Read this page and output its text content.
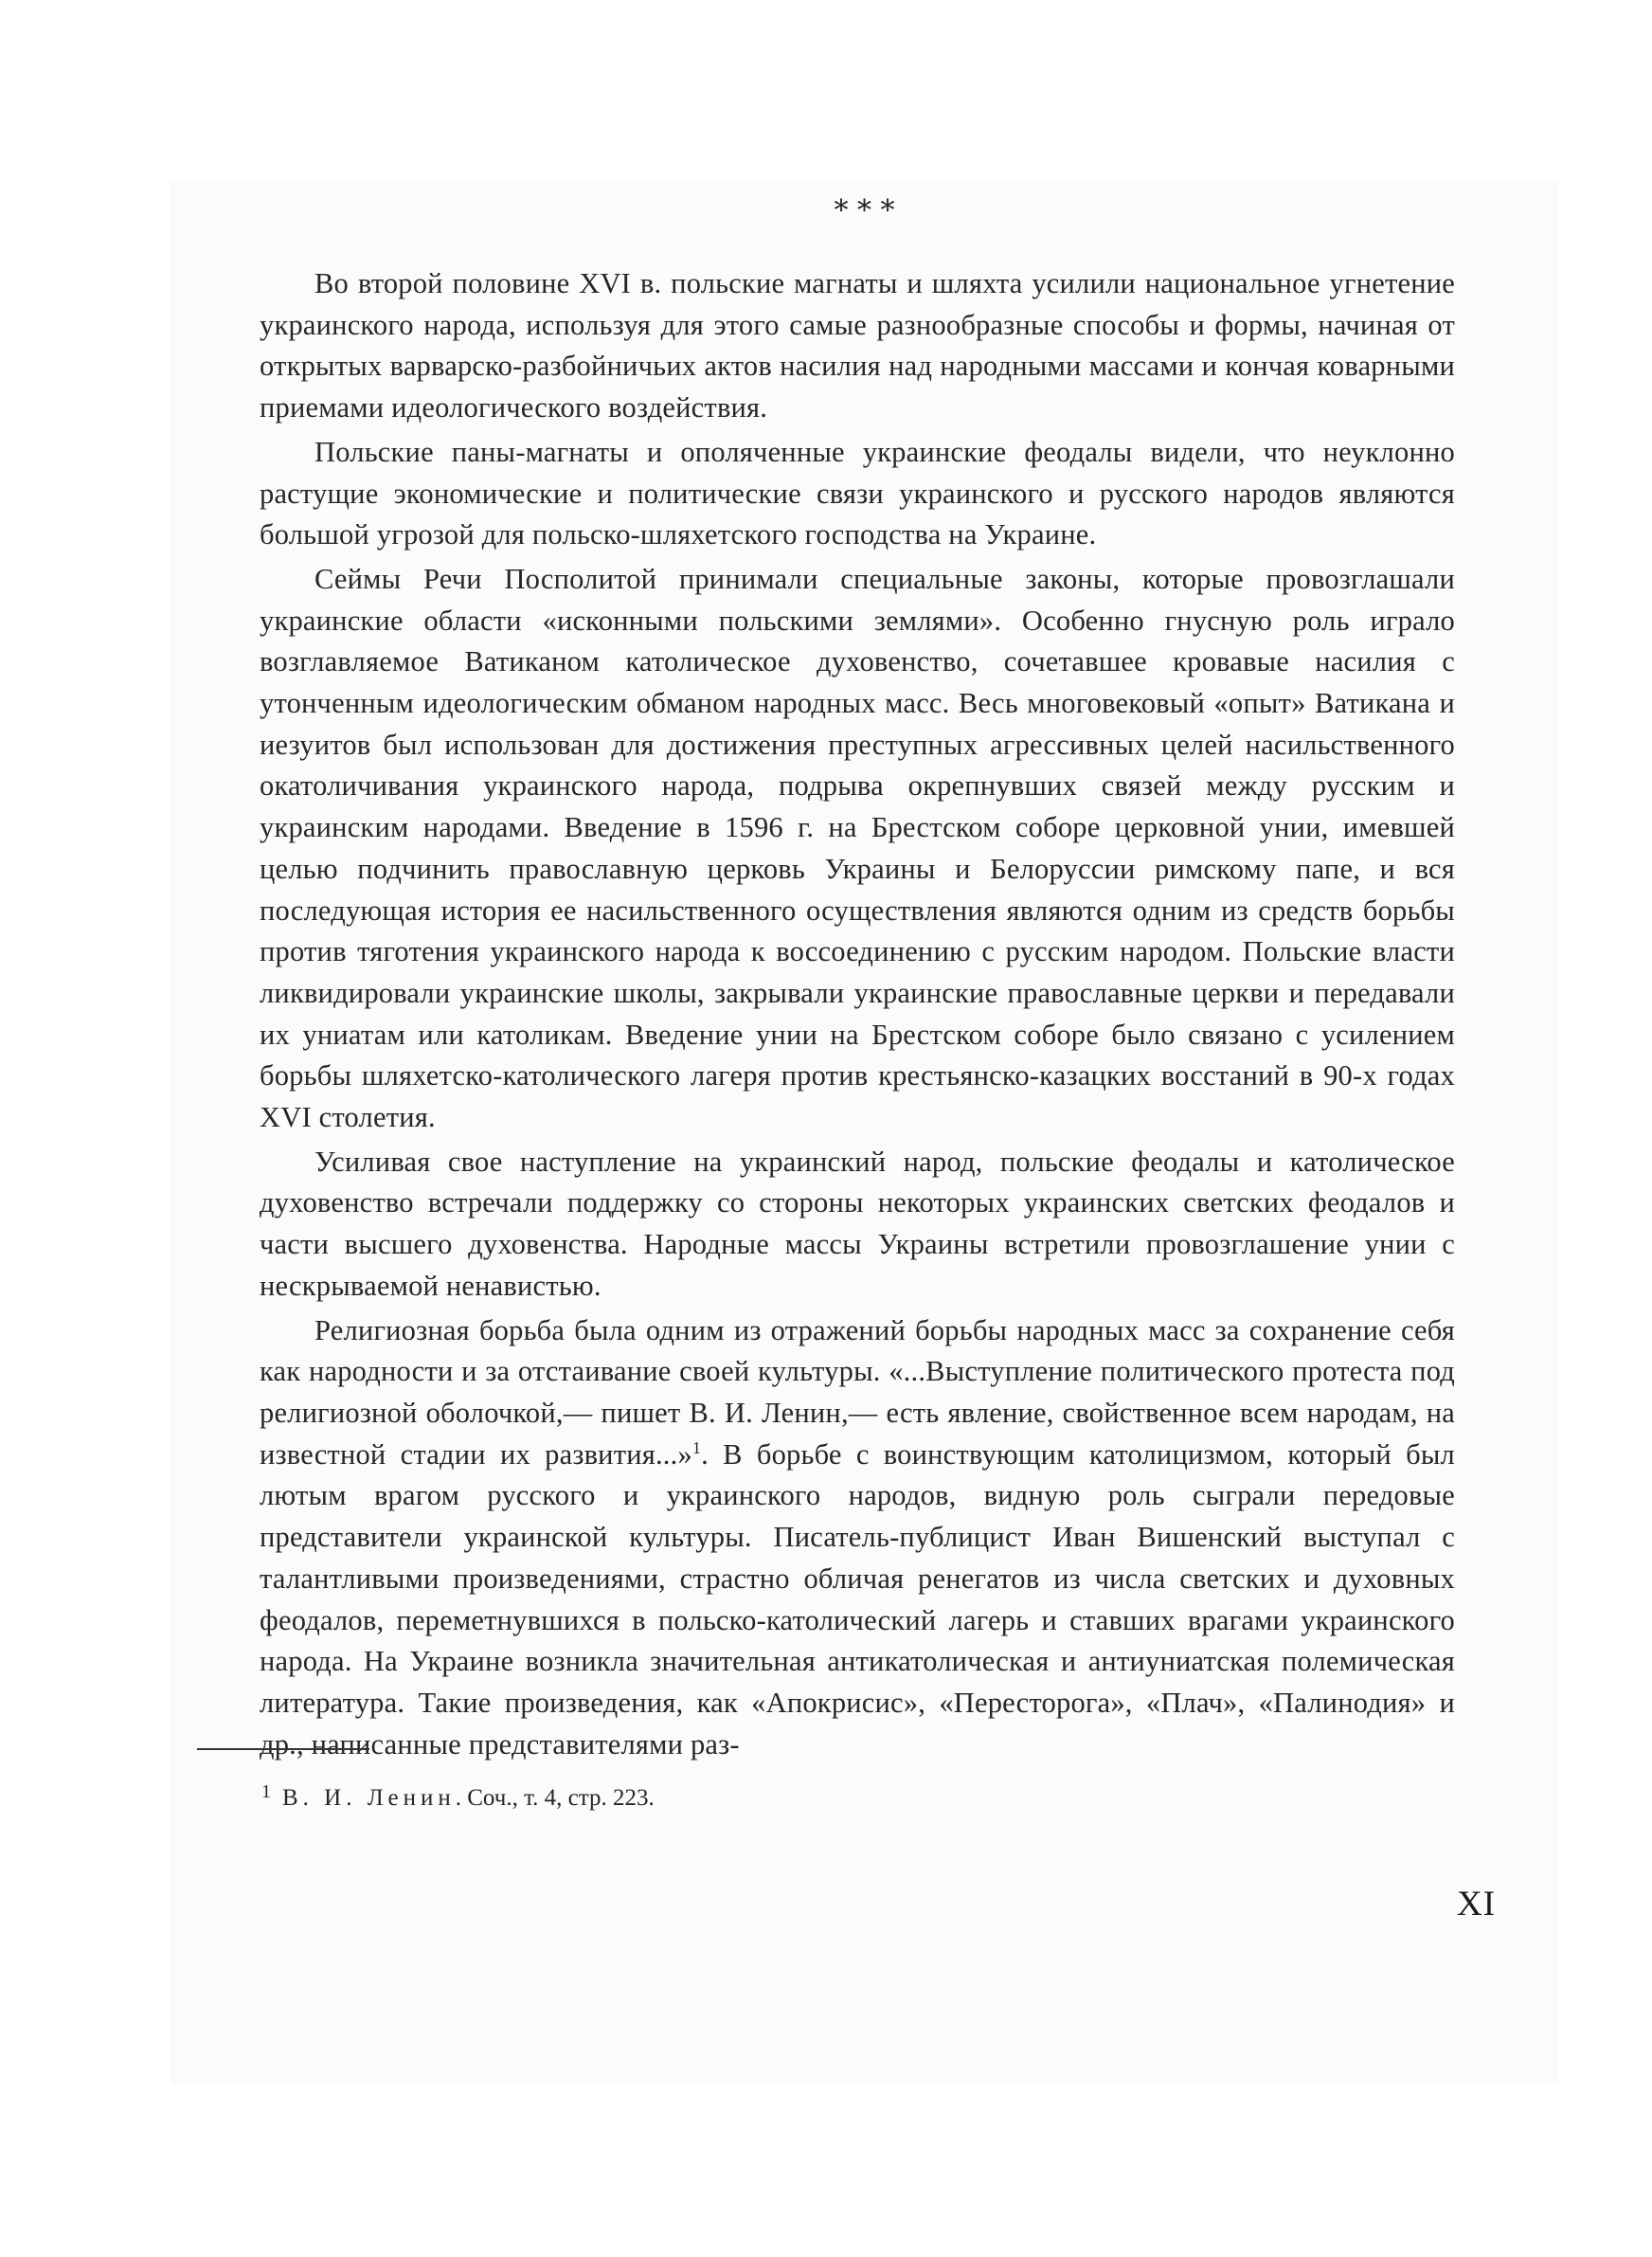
* * *

Во второй половине XVI в. польские магнаты и шляхта усилили национальное угнетение украинского народа, используя для этого самые разнообразные способы и формы, начиная от открытых варварско-разбойничьих актов насилия над народными массами и кончая коварными приемами идеологического воздействия.

Польские паны-магнаты и ополяченные украинские феодалы видели, что неуклонно растущие экономические и политические связи украинского и русского народов являются большой угрозой для польско-шляхетского господства на Украине.

Сеймы Речи Посполитой принимали специальные законы, которые провозглашали украинские области «исконными польскими землями». Особенно гнусную роль играло возглавляемое Ватиканом католическое духовенство, сочетавшее кровавые насилия с утонченным идеологическим обманом народных масс. Весь многовековый «опыт» Ватикана и иезуитов был использован для достижения преступных агрессивных целей насильственного окатоличивания украинского народа, подрыва окрепнувших связей между русским и украинским народами. Введение в 1596 г. на Брестском соборе церковной унии, имевшей целью подчинить православную церковь Украины и Белоруссии римскому папе, и вся последующая история ее насильственного осуществления являются одним из средств борьбы против тяготения украинского народа к воссоединению с русским народом. Польские власти ликвидировали украинские школы, закрывали украинские православные церкви и передавали их униатам или католикам. Введение унии на Брестском соборе было связано с усилением борьбы шляхетско-католического лагеря против крестьянско-казацких восстаний в 90-х годах XVI столетия.

Усиливая свое наступление на украинский народ, польские феодалы и католическое духовенство встречали поддержку со стороны некоторых украинских светских феодалов и части высшего духовенства. Народные массы Украины встретили провозглашение унии с нескрываемой ненавистью.

Религиозная борьба была одним из отражений борьбы народных масс за сохранение себя как народности и за отстаивание своей культуры. «...Выступление политического протеста под религиозной оболочкой,— пишет В. И. Ленин,— есть явление, свойственное всем народам, на известной стадии их развития...»$^1$. В борьбе с воинствующим католицизмом, который был лютым врагом русского и украинского народов, видную роль сыграли передовые представители украинской культуры. Писатель-публицист Иван Вишенский выступал с талантливыми произведениями, страстно обличая ренегатов из числа светских и духовных феодалов, переметнувшихся в польско-католический лагерь и ставших врагами украинского народа. На Украине возникла значительная антикатолическая и антиуниатская полемическая литература. Такие произведения, как «Апокрисис», «Пересторога», «Плач», «Палинодия» и др., написанные представителями раз-

$^1$ В. И. Ленин. Соч., т. 4, стр. 223.
XI
